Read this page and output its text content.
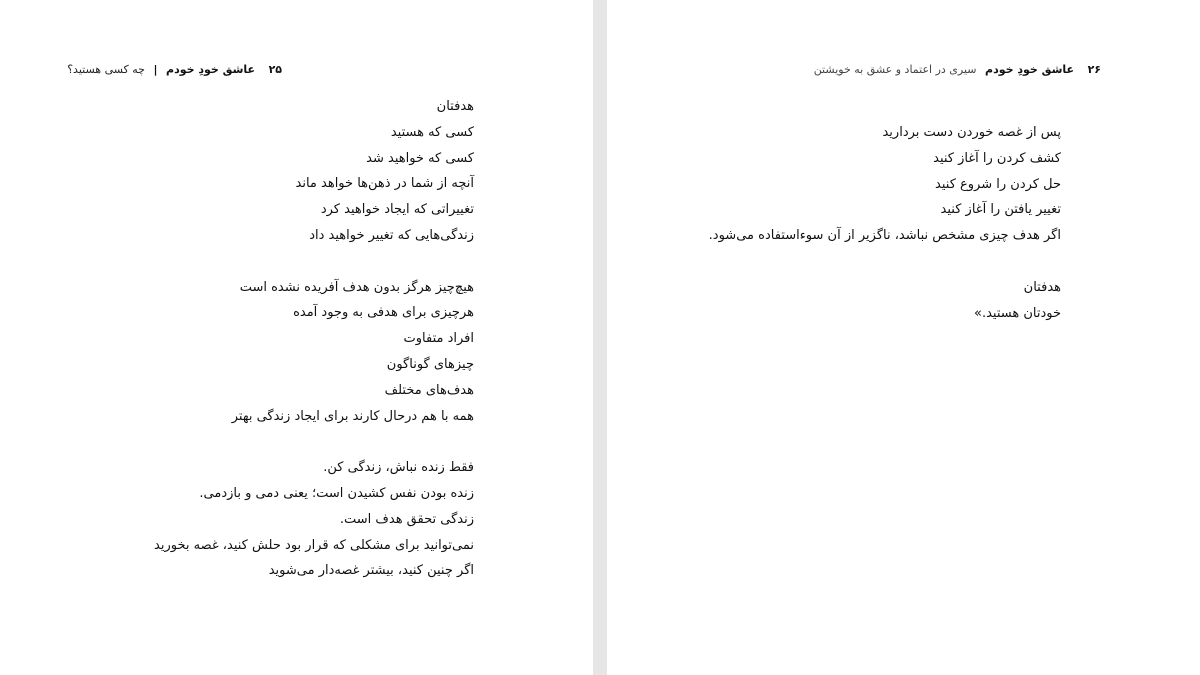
۲۵ عاشق خودِ خودم | چه کسی هستید؟
هدفتان
کسی که هستید
کسی که خواهید شد
آنچه از شما در ذهن‌ها خواهد ماند
تغییراتی که ایجاد خواهید کرد
زندگی‌هایی که تغییر خواهید داد
هیچ‌چیز هرگز بدون هدف آفریده نشده است
هرچیزی برای هدفی به وجود آمده
افراد متفاوت
چیزهای گوناگون
هدف‌های مختلف
همه با هم درحال کارند برای ایجاد زندگی بهتر
فقط زنده نباش، زندگی کن.
زنده بودن نفس کشیدن است؛ یعنی دمی و بازدمی.
زندگی تحقق هدف است.
نمی‌توانید برای مشکلی که قرار بود حلش کنید، غصه بخورید
اگر چنین کنید، بیشتر غصه‌دار می‌شوید
۲۶ عاشق خودِ خودم سیری در اعتماد و عشق به خویشتن
پس از غصه خوردن دست بردارید
کشف کردن را آغاز کنید
حل کردن را شروع کنید
تغییر یافتن را آغاز کنید
اگر هدف چیزی مشخص نباشد، ناگزیر از آن سوءاستفاده می‌شود.
هدفتان
خودتان هستید.»
